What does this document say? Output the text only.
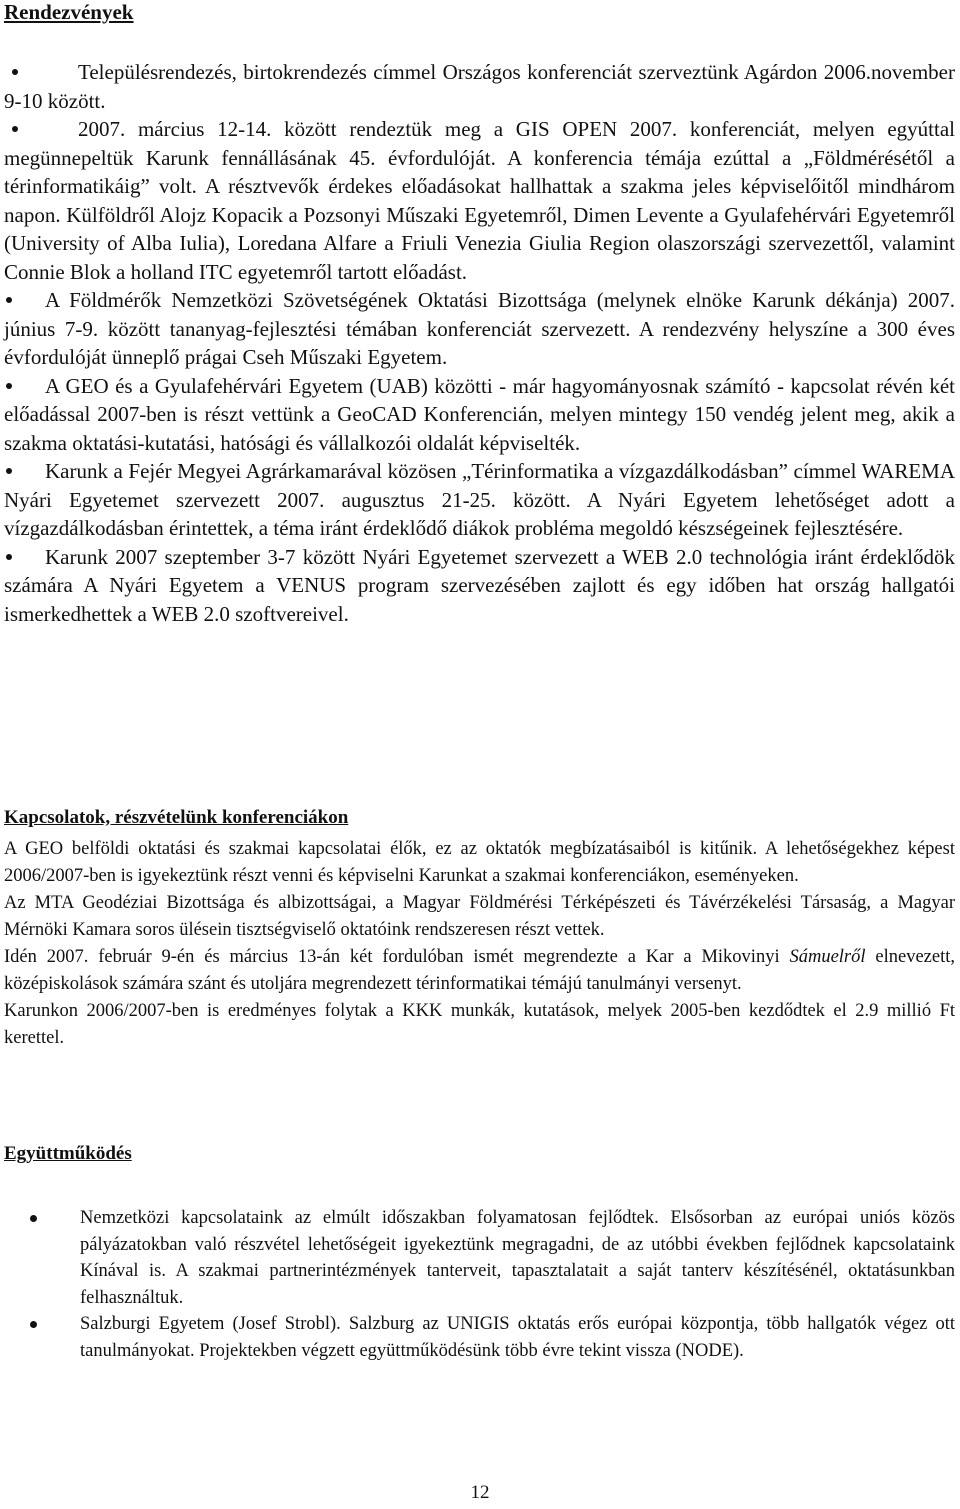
Rendezvények

Településrendezés, birtokrendezés címmel Országos konferenciát szerveztünk Agárdon 2006.november 9-10 között.

2007. március 12-14. között rendeztük meg a GIS OPEN 2007. konferenciát, melyen egyúttal megünnepeltük Karunk fennállásának 45. évfordulóját. A konferencia témája ezúttal a „Földmérésétől a térinformatikáig” volt. A résztvevők érdekes előadásokat hallhattak a szakma jeles képviselőitől mindhárom napon. Külföldről Alojz Kopacik a Pozsonyi Műszaki Egyetemről, Dimen Levente a Gyulafehérvári Egyetemről (University of Alba Iulia), Loredana Alfare a Friuli Venezia Giulia Region olaszországi szervezettől, valamint Connie Blok a holland ITC egyetemről tartott előadást.

A Földmérők Nemzetközi Szövetségének Oktatási Bizottsága (melynek elnöke Karunk dékánja) 2007. június 7-9. között tananyag-fejlesztési témában konferenciát szervezett. A rendezvény helyszíne a 300 éves évfordulóját ünneplő prágai Cseh Műszaki Egyetem.

A GEO és a Gyulafehérvári Egyetem (UAB) közötti - már hagyományosnak számító - kapcsolat révén két előadással 2007-ben is részt vettünk a GeoCAD Konferencián, melyen mintegy 150 vendég jelent meg, akik a szakma oktatási-kutatási, hatósági és vállalkozói oldalát képviselték.

Karunk a Fejér Megyei Agrárkamarával közösen „Térinformatika a vízgazdálkodásban” címmel WAREMA Nyári Egyetemet szervezett 2007. augusztus 21-25. között. A Nyári Egyetem lehetőséget adott a vízgazdálkodásban érintettek, a téma iránt érdeklődő diákok probléma megoldó készségeinek fejlesztésére.

Karunk 2007 szeptember 3-7 között Nyári Egyetemet szervezett a WEB 2.0 technológia iránt érdeklődök számára A Nyári Egyetem a VENUS program szervezésében zajlott és egy időben hat ország hallgatói ismerkedhettek a WEB 2.0 szoftvereivel.

Kapcsolatok, részvételünk konferenciákon

A GEO belföldi oktatási és szakmai kapcsolatai élők, ez az oktatók megbízatásaiból is kitűnik. A lehetőségekhez képest 2006/2007-ben is igyekeztünk részt venni és képviselni Karunkat a szakmai konferenciákon, eseményeken.

Az MTA Geodéziai Bizottsága és albizottságai, a Magyar Földmérési Térképészeti és Távérzékelési Társaság, a Magyar Mérnöki Kamara soros ülésein tisztségviselő oktatóink rendszeresen részt vettek.

Idén 2007. február 9-én és március 13-án két fordulóban ismét megrendezte a Kar a Mikovinyi Sámuelről elnevezett, középiskolások számára szánt és utoljára megrendezett térinformatikai témájú tanulmányi versenyt.

Karunkon 2006/2007-ben is eredményes folytak a KKK munkák, kutatások, melyek 2005-ben kezdődtek el 2.9 millió Ft kerettel.

Együttműködés

Nemzetközi kapcsolataink az elmúlt időszakban folyamatosan fejlődtek. Elsősorban az európai uniós közös pályázatokban való részvétel lehetőségeit igyekeztünk megragadni, de az utóbbi években fejlődnek kapcsolataink Kínával is. A szakmai partnerintézmények tanterveit, tapasztalatait a saját tanterv készítésénél, oktatásunkban felhasználtuk.

Salzburgi Egyetem (Josef Strobl). Salzburg az UNIGIS oktatás erős európai központja, több hallgatók végez ott tanulmányokat. Projektekben végzett együttműködésünk több évre tekint vissza (NODE).

12
